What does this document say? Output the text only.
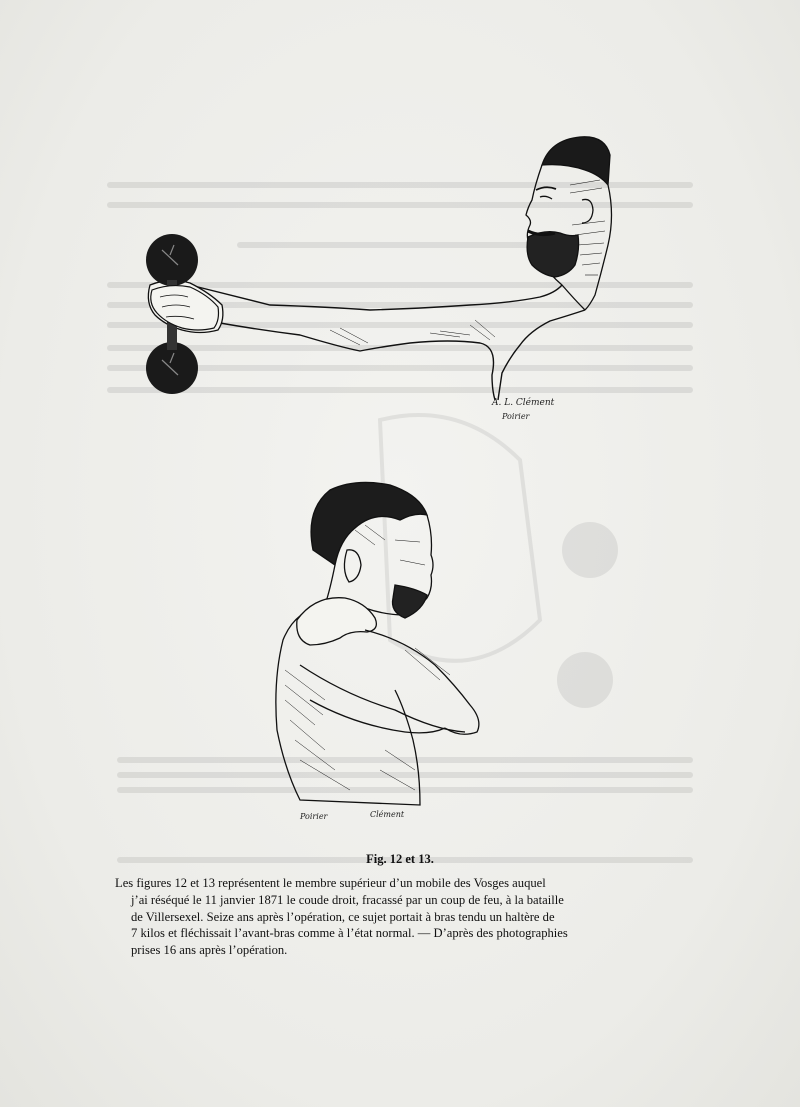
A. L. Clément
Poirier
Poirier	Clément
Fig. 12 et 13.
Les figures 12 et 13 représentent le membre supérieur d’un mobile des Vosges auquel
j’ai réséqué le 11 janvier 1871 le coude droit, fracassé par un coup de feu, à la bataille
de Villersexel. Seize ans après l’opération, ce sujet portait à bras tendu un haltère de
7 kilos et fléchissait l’avant-bras comme à l’état normal. — D’après des photographies
prises 16 ans après l’opération.
